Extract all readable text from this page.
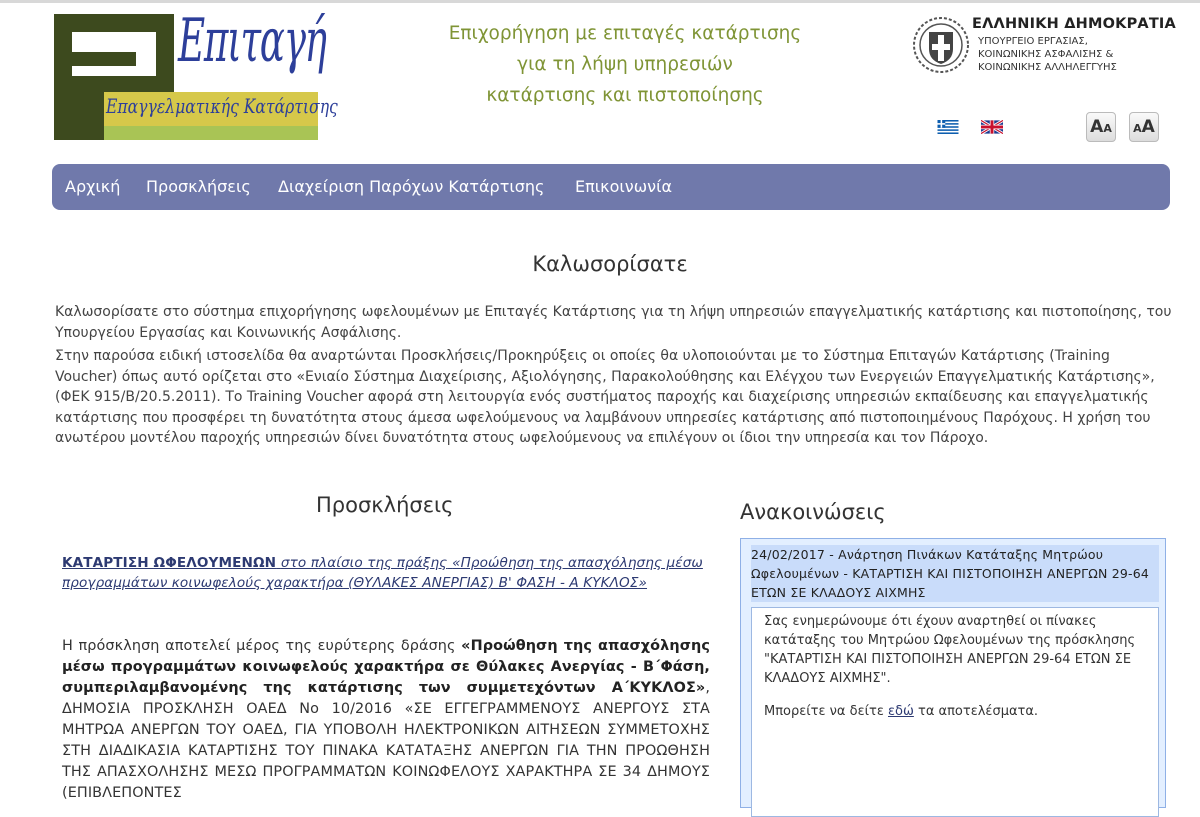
Επιταγή
Επαγγελματικής Κατάρτισης
Επιχορήγηση με επιταγές κατάρτισης
για τη λήψη υπηρεσιών
κατάρτισης και πιστοποίησης
ΕΛΛΗΝΙΚΗ ΔΗΜΟΚΡΑΤΙΑ
ΥΠΟΥΡΓΕΙΟ ΕΡΓΑΣΙΑΣ,
ΚΟΙΝΩΝΙΚΗΣ ΑΣΦΑΛΙΣΗΣ &
ΚΟΙΝΩΝΙΚΗΣ ΑΛΛΗΛΕΓΓΥΗΣ
AA	AA
Αρχική Προσκλήσεις Διαχείριση Παρόχων Κατάρτισης Επικοινωνία
Καλωσορίσατε
Καλωσορίσατε στο σύστημα επιχορήγησης ωφελουμένων με Επιταγές Κατάρτισης για τη λήψη υπηρεσιών επαγγελματικής κατάρτισης και πιστοποίησης, του Υπουργείου Εργασίας και Κοινωνικής Ασφάλισης.
Στην παρούσα ειδική ιστοσελίδα θα αναρτώνται Προσκλήσεις/Προκηρύξεις οι οποίες θα υλοποιούνται με το Σύστημα Επιταγών Κατάρτισης (Training Voucher) όπως αυτό ορίζεται στο «Ενιαίο Σύστημα Διαχείρισης, Αξιολόγησης, Παρακολούθησης και Ελέγχου των Ενεργειών Επαγγελματικής Κατάρτισης», (ΦΕΚ 915/Β/20.5.2011). Το Training Voucher αφορά στη λειτουργία ενός συστήματος παροχής και διαχείρισης υπηρεσιών εκπαίδευσης και επαγγελματικής κατάρτισης που προσφέρει τη δυνατότητα στους άμεσα ωφελούμενους να λαμβάνουν υπηρεσίες κατάρτισης από πιστοποιημένους Παρόχους. Η χρήση του ανωτέρου μοντέλου παροχής υπηρεσιών δίνει δυνατότητα στους ωφελούμενους να επιλέγουν οι ίδιοι την υπηρεσία και τον Πάροχο.
Προσκλήσεις
ΚΑΤΑΡΤΙΣΗ ΩΦΕΛΟΥΜΕΝΩΝ στο πλαίσιο της πράξης «Προώθηση της απασχόλησης μέσω προγραμμάτων κοινωφελούς χαρακτήρα (ΘΥΛΑΚΕΣ ΑΝΕΡΓΙΑΣ) Β' ΦΑΣΗ - Α ΚΥΚΛΟΣ»
Η πρόσκληση αποτελεί μέρος της ευρύτερης δράσης «Προώθηση της απασχόλησης μέσω προγραμμάτων κοινωφελούς χαρακτήρα σε Θύλακες Ανεργίας - Β΄Φάση, συμπεριλαμβανομένης της κατάρτισης των συμμετεχόντων Α΄ΚΥΚΛΟΣ», ΔΗΜΟΣΙΑ ΠΡΟΣΚΛΗΣΗ ΟΑΕΔ Νο 10/2016 «ΣΕ ΕΓΓΕΓΡΑΜΜΕΝΟΥΣ ΑΝΕΡΓΟΥΣ ΣΤΑ ΜΗΤΡΩΑ ΑΝΕΡΓΩΝ ΤΟΥ ΟΑΕΔ, ΓΙΑ ΥΠΟΒΟΛΗ ΗΛΕΚΤΡΟΝΙΚΩΝ ΑΙΤΗΣΕΩΝ ΣΥΜΜΕΤΟΧΗΣ ΣΤΗ ΔΙΑΔΙΚΑΣΙΑ ΚΑΤΑΡΤΙΣΗΣ ΤΟΥ ΠΙΝΑΚΑ ΚΑΤΑΤΑΞΗΣ ΑΝΕΡΓΩΝ ΓΙΑ ΤΗΝ ΠΡΟΩΘΗΣΗ ΤΗΣ ΑΠΑΣΧΟΛΗΣΗΣ ΜΕΣΩ ΠΡΟΓΡΑΜΜΑΤΩΝ ΚΟΙΝΩΦΕΛΟΥΣ ΧΑΡΑΚΤΗΡΑ ΣΕ 34 ΔΗΜΟΥΣ (ΕΠΙΒΛΕΠΟΝΤΕΣ
Ανακοινώσεις
24/02/2017 - Ανάρτηση Πινάκων Κατάταξης Μητρώου Ωφελουμένων - ΚΑΤΑΡΤΙΣΗ ΚΑΙ ΠΙΣΤΟΠΟΙΗΣΗ ΑΝΕΡΓΩΝ 29-64 ΕΤΩΝ ΣΕ ΚΛΑΔΟΥΣ ΑΙΧΜΗΣ

Σας ενημερώνουμε ότι έχουν αναρτηθεί οι πίνακες κατάταξης του Μητρώου Ωφελουμένων της πρόσκλησης "ΚΑΤΑΡΤΙΣΗ ΚΑΙ ΠΙΣΤΟΠΟΙΗΣΗ ΑΝΕΡΓΩΝ 29-64 ΕΤΩΝ ΣΕ ΚΛΑΔΟΥΣ ΑΙΧΜΗΣ".

Μπορείτε να δείτε εδώ τα αποτελέσματα.
